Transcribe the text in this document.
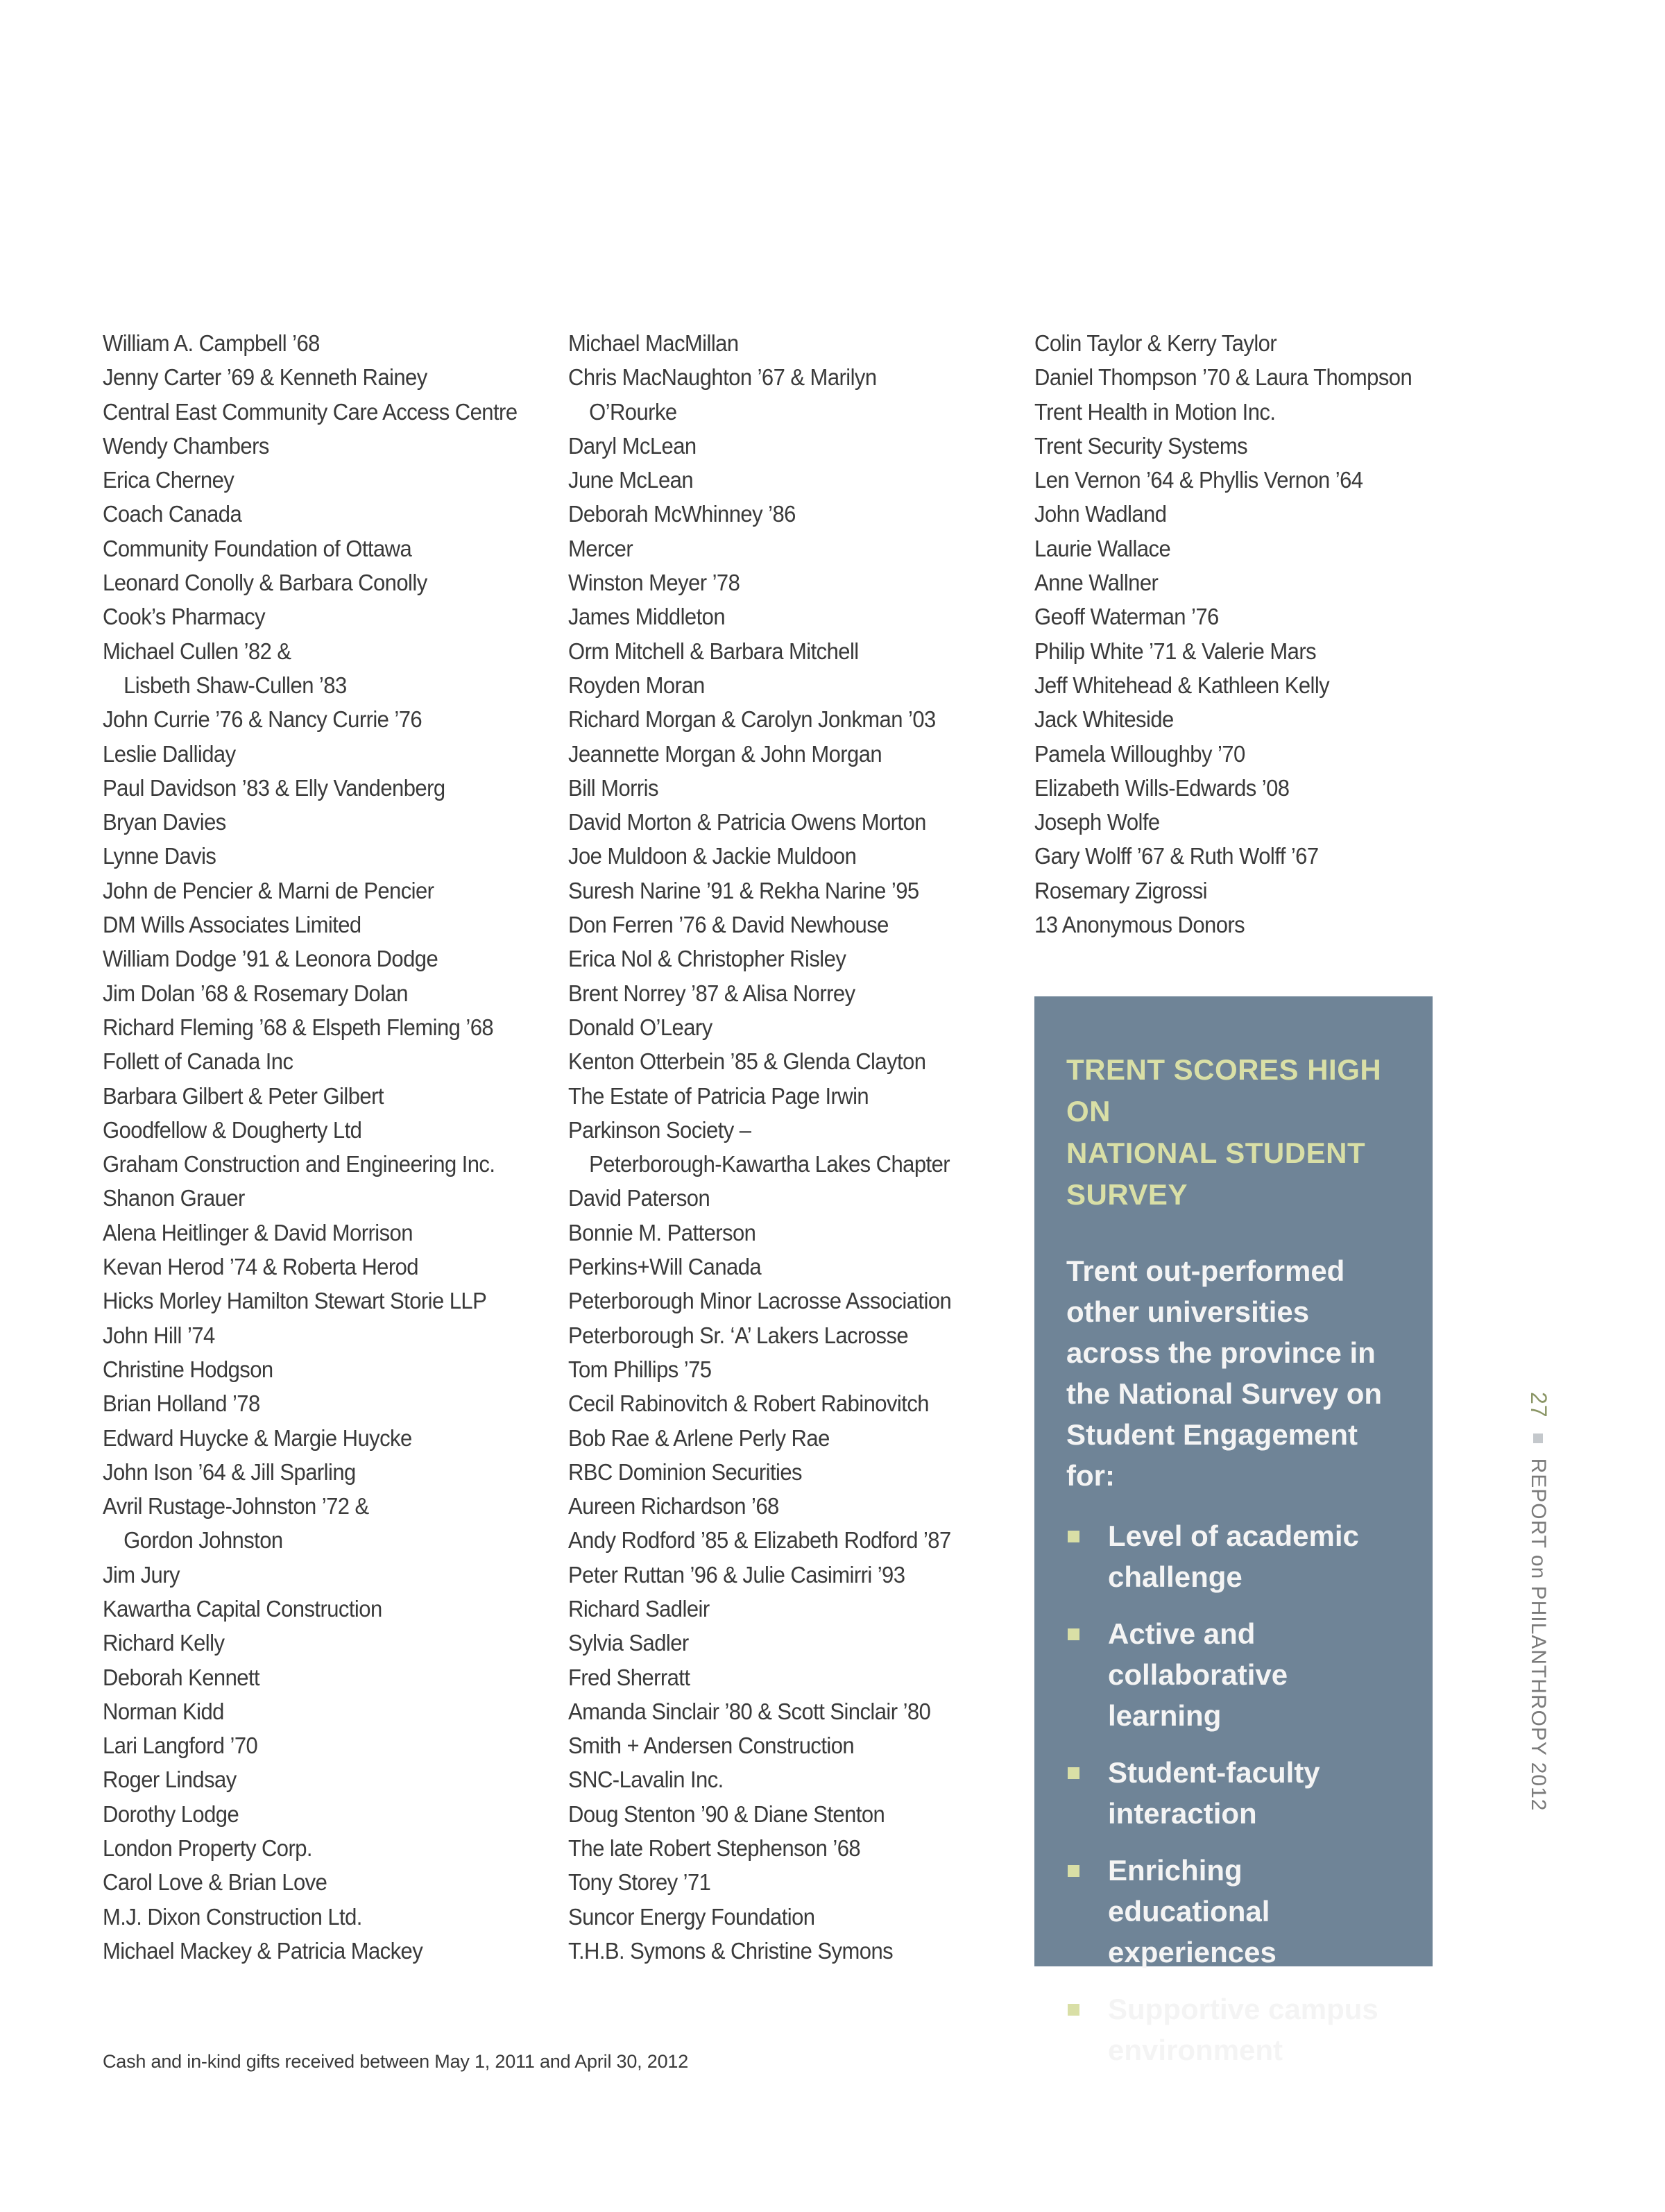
William A. Campbell ’68
Jenny Carter ’69 & Kenneth Rainey
Central East Community Care Access Centre
Wendy Chambers
Erica Cherney
Coach Canada
Community Foundation of Ottawa
Leonard Conolly & Barbara Conolly
Cook’s Pharmacy
Michael Cullen ’82 &
Lisbeth Shaw-Cullen ’83
John Currie ’76 & Nancy Currie ’76
Leslie Dalliday
Paul Davidson ’83 & Elly Vandenberg
Bryan Davies
Lynne Davis
John de Pencier & Marni de Pencier
DM Wills Associates Limited
William Dodge ’91 & Leonora Dodge
Jim Dolan ’68 & Rosemary Dolan
Richard Fleming ’68 & Elspeth Fleming ’68
Follett of Canada Inc
Barbara Gilbert & Peter Gilbert
Goodfellow & Dougherty Ltd
Graham Construction and Engineering Inc.
Shanon Grauer
Alena Heitlinger & David Morrison
Kevan Herod ’74 & Roberta Herod
Hicks Morley Hamilton Stewart Storie LLP
John Hill ’74
Christine Hodgson
Brian Holland ’78
Edward Huycke & Margie Huycke
John Ison ’64 & Jill Sparling
Avril Rustage-Johnston ’72 &
Gordon Johnston
Jim Jury
Kawartha Capital Construction
Richard Kelly
Deborah Kennett
Norman Kidd
Lari Langford ’70
Roger Lindsay
Dorothy Lodge
London Property Corp.
Carol Love & Brian Love
M.J. Dixon Construction Ltd.
Michael Mackey & Patricia Mackey
Michael MacMillan
Chris MacNaughton ’67 & Marilyn
O’Rourke
Daryl McLean
June McLean
Deborah McWhinney ’86
Mercer
Winston Meyer ’78
James Middleton
Orm Mitchell & Barbara Mitchell
Royden Moran
Richard Morgan & Carolyn Jonkman ’03
Jeannette Morgan & John Morgan
Bill Morris
David Morton & Patricia Owens Morton
Joe Muldoon & Jackie Muldoon
Suresh Narine ’91 & Rekha Narine ’95
Don Ferren ’76 & David Newhouse
Erica Nol & Christopher Risley
Brent Norrey ’87 & Alisa Norrey
Donald O’Leary
Kenton Otterbein ’85 & Glenda Clayton
The Estate of Patricia Page Irwin
Parkinson Society –
Peterborough-Kawartha Lakes Chapter
David Paterson
Bonnie M. Patterson
Perkins+Will Canada
Peterborough Minor Lacrosse Association
Peterborough Sr. ‘A’ Lakers Lacrosse
Tom Phillips ’75
Cecil Rabinovitch & Robert Rabinovitch
Bob Rae & Arlene Perly Rae
RBC Dominion Securities
Aureen Richardson ’68
Andy Rodford ’85 & Elizabeth Rodford ’87
Peter Ruttan ’96 & Julie Casimirri ’93
Richard Sadleir
Sylvia Sadler
Fred Sherratt
Amanda Sinclair ’80 & Scott Sinclair ’80
Smith + Andersen Construction
SNC-Lavalin Inc.
Doug Stenton ’90 & Diane Stenton
The late Robert Stephenson ’68
Tony Storey ’71
Suncor Energy Foundation
T.H.B. Symons & Christine Symons
Colin Taylor & Kerry Taylor
Daniel Thompson ’70 & Laura Thompson
Trent Health in Motion Inc.
Trent Security Systems
Len Vernon ’64 & Phyllis Vernon ’64
John Wadland
Laurie Wallace
Anne Wallner
Geoff Waterman ’76
Philip White ’71 & Valerie Mars
Jeff Whitehead & Kathleen Kelly
Jack Whiteside
Pamela Willoughby ’70
Elizabeth Wills-Edwards ’08
Joseph Wolfe
Gary Wolff ’67 & Ruth Wolff ’67
Rosemary Zigrossi
13 Anonymous Donors
TRENT SCORES HIGH ON
NATIONAL STUDENT SURVEY
Trent out-performed other universities across the province in the National Survey on Student Engagement for:
Level of academic challenge
Active and collaborative learning
Student-faculty interaction
Enriching educational experiences
Supportive campus environment
Cash and in-kind gifts received between May 1, 2011 and April 30, 2012
27
REPORT on PHILANTHROPY 2012
